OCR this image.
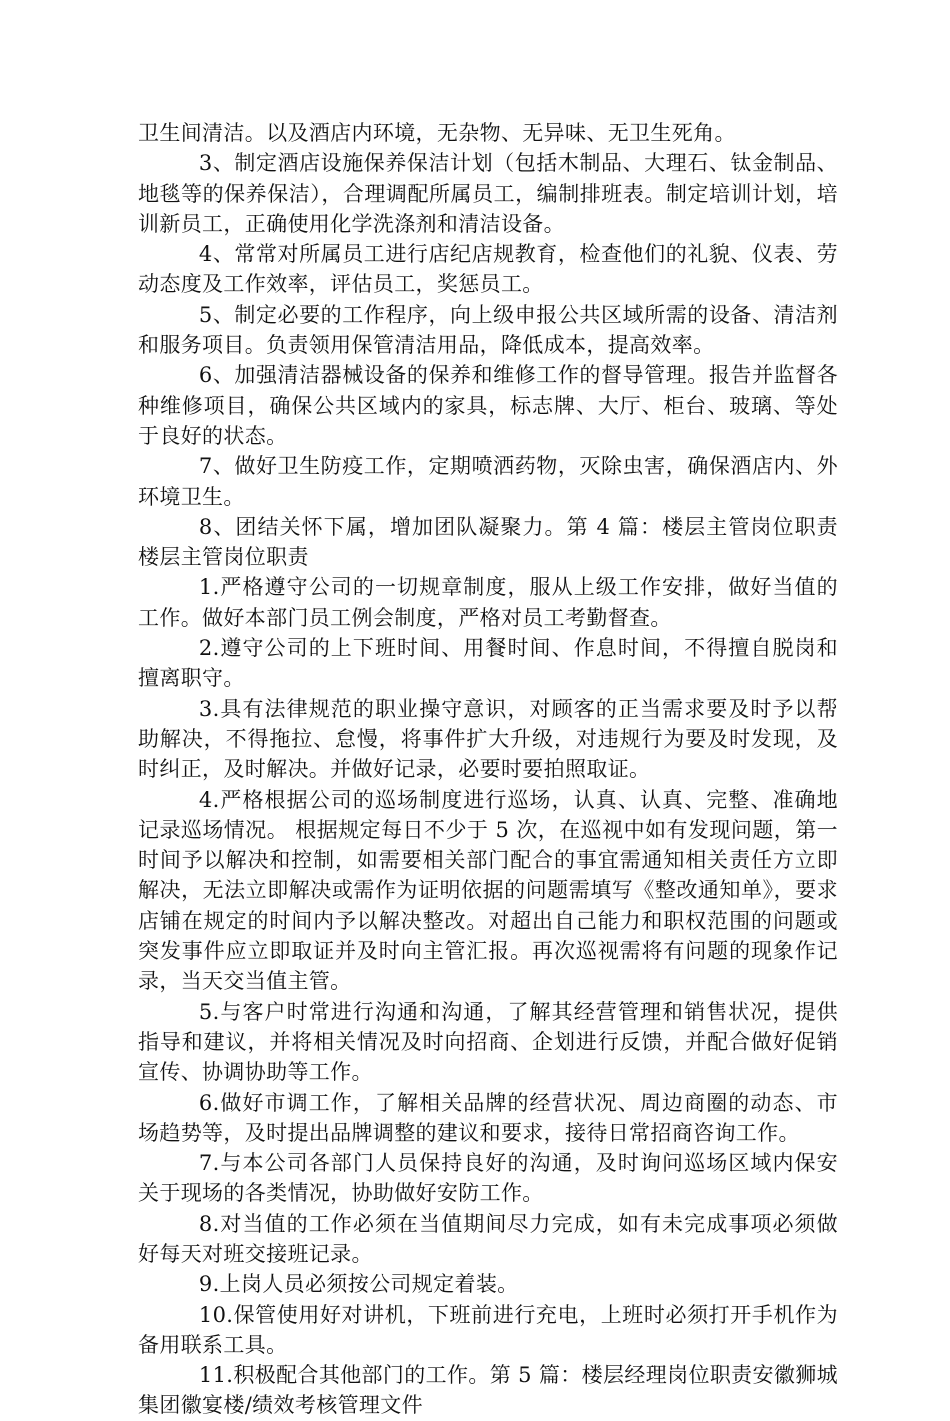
卫生间清洁。以及酒店内环境，无杂物、无异味、无卫生死角。

3、制定酒店设施保养保洁计划（包括木制品、大理石、钛金制品、地毯等的保养保洁），合理调配所属员工，编制排班表。制定培训计划，培训新员工，正确使用化学洗涤剂和清洁设备。

4、常常对所属员工进行店纪店规教育，检查他们的礼貌、仪表、劳动态度及工作效率，评估员工，奖惩员工。

5、制定必要的工作程序，向上级申报公共区域所需的设备、清洁剂和服务项目。负责领用保管清洁用品，降低成本，提高效率。

6、加强清洁器械设备的保养和维修工作的督导管理。报告并监督各种维修项目，确保公共区域内的家具，标志牌、大厅、柜台、玻璃、等处于良好的状态。

7、做好卫生防疫工作，定期喷洒药物，灭除虫害，确保酒店内、外环境卫生。

8、团结关怀下属，增加团队凝聚力。第 4 篇：楼层主管岗位职责楼层主管岗位职责

1.严格遵守公司的一切规章制度，服从上级工作安排，做好当值的工作。做好本部门员工例会制度，严格对员工考勤督查。

2.遵守公司的上下班时间、用餐时间、作息时间，不得擅自脱岗和擅离职守。

3.具有法律规范的职业操守意识，对顾客的正当需求要及时予以帮助解决，不得拖拉、怠慢，将事件扩大升级，对违规行为要及时发现，及时纠正，及时解决。并做好记录，必要时要拍照取证。

4.严格根据公司的巡场制度进行巡场，认真、认真、完整、准确地记录巡场情况。 根据规定每日不少于 5 次，在巡视中如有发现问题，第一时间予以解决和控制，如需要相关部门配合的事宜需通知相关责任方立即解决，无法立即解决或需作为证明依据的问题需填写《整改通知单》，要求店铺在规定的时间内予以解决整改。对超出自己能力和职权范围的问题或突发事件应立即取证并及时向主管汇报。再次巡视需将有问题的现象作记录，当天交当值主管。

5.与客户时常进行沟通和沟通，了解其经营管理和销售状况，提供指导和建议，并将相关情况及时向招商、企划进行反馈，并配合做好促销宣传、协调协助等工作。

6.做好市调工作，了解相关品牌的经营状况、周边商圈的动态、市场趋势等，及时提出品牌调整的建议和要求，接待日常招商咨询工作。

7.与本公司各部门人员保持良好的沟通，及时询问巡场区域内保安关于现场的各类情况，协助做好安防工作。

8.对当值的工作必须在当值期间尽力完成，如有未完成事项必须做好每天对班交接班记录。

9.上岗人员必须按公司规定着装。

10.保管使用好对讲机，下班前进行充电，上班时必须打开手机作为备用联系工具。

11.积极配合其他部门的工作。第 5 篇：楼层经理岗位职责安徽狮城集团徽宴楼/绩效考核管理文件
